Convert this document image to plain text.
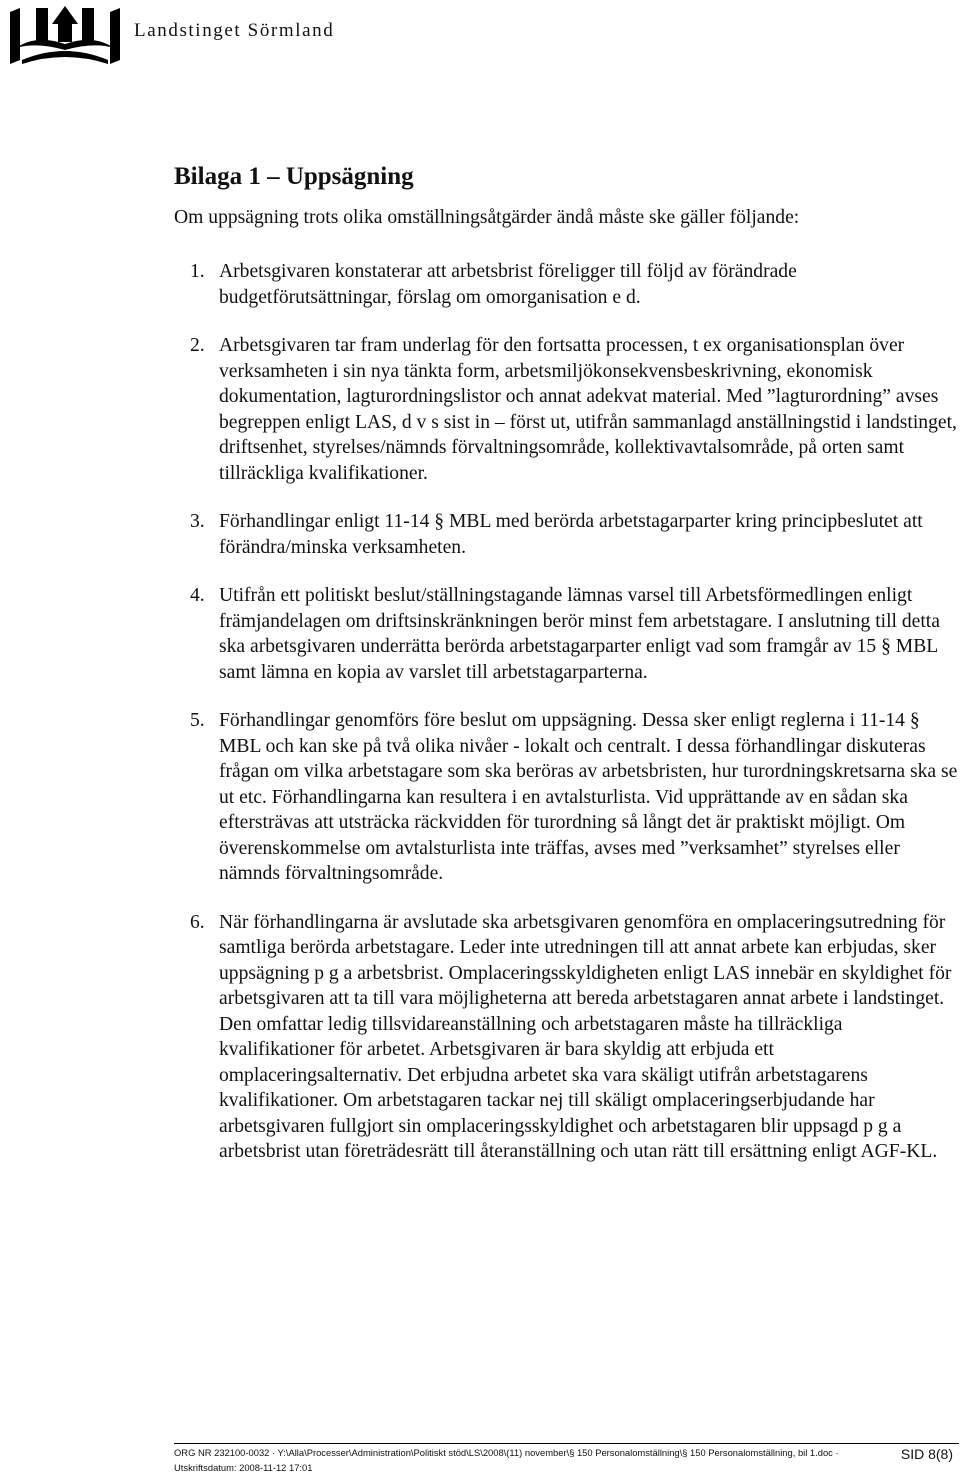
Landstinget Sörmland
Bilaga 1 – Uppsägning

Om uppsägning trots olika omställningsåtgärder ändå måste ske gäller följande:

1. Arbetsgivaren konstaterar att arbetsbrist föreligger till följd av förändrade budgetförutsättningar, förslag om omorganisation e d.
2. Arbetsgivaren tar fram underlag för den fortsatta processen, t ex organisationsplan över verksamheten i sin nya tänkta form, arbetsmiljökonsekvensbeskrivning, ekonomisk dokumentation, lagturordningslistor och annat adekvat material. Med ”lagturordning” avses begreppen enligt LAS, d v s sist in – först ut, utifrån sammanlagd anställningstid i landstinget, driftsenhet, styrelses/nämnds förvaltningsområde, kollektivavtalsområde, på orten samt tillräckliga kvalifikationer.
3. Förhandlingar enligt 11-14 § MBL med berörda arbetstagarparter kring principbeslutet att förändra/minska verksamheten.
4. Utifrån ett politiskt beslut/ställningstagande lämnas varsel till Arbetsförmedlingen enligt främjandelagen om driftsinskränkningen berör minst fem arbetstagare. I anslutning till detta ska arbetsgivaren underrätta berörda arbetstagarparter enligt vad som framgår av 15 § MBL samt lämna en kopia av varslet till arbetstagarparterna.
5. Förhandlingar genomförs före beslut om uppsägning. Dessa sker enligt reglerna i 11-14 § MBL och kan ske på två olika nivåer - lokalt och centralt. I dessa förhandlingar diskuteras frågan om vilka arbetstagare som ska beröras av arbetsbristen, hur turordningskretsarna ska se ut etc. Förhandlingarna kan resultera i en avtalsturlista. Vid upprättande av en sådan ska eftersträvas att utsträcka räckvidden för turordning så långt det är praktiskt möjligt. Om överenskommelse om avtalsturlista inte träffas, avses med ”verksamhet” styrelses eller nämnds förvaltningsområde.
6. När förhandlingarna är avslutade ska arbetsgivaren genomföra en omplaceringsutredning för samtliga berörda arbetstagare. Leder inte utredningen till att annat arbete kan erbjudas, sker uppsägning p g a arbetsbrist. Omplaceringsskyldigheten enligt LAS innebär en skyldighet för arbetsgivaren att ta till vara möjligheterna att bereda arbetstagaren annat arbete i landstinget. Den omfattar ledig tillsvidareanställning och arbetstagaren måste ha tillräckliga kvalifikationer för arbetet. Arbetsgivaren är bara skyldig att erbjuda ett omplaceringsalternativ. Det erbjudna arbetet ska vara skäligt utifrån arbetstagarens kvalifikationer. Om arbetstagaren tackar nej till skäligt omplaceringserbjudande har arbetsgivaren fullgjort sin omplaceringsskyldighet och arbetstagaren blir uppsagd p g a arbetsbrist utan företrädesrätt till återanställning och utan rätt till ersättning enligt AGF-KL.
ORG NR 232100-0032 · Y:\Alla\Processer\Administration\Politiskt stöd\LS\2008\(11) november\§ 150 Personalomställning\§ 150 Personalomställning, bil 1.doc ·
Utskriftsdatum: 2008-11-12 17:01
SID 8(8)
